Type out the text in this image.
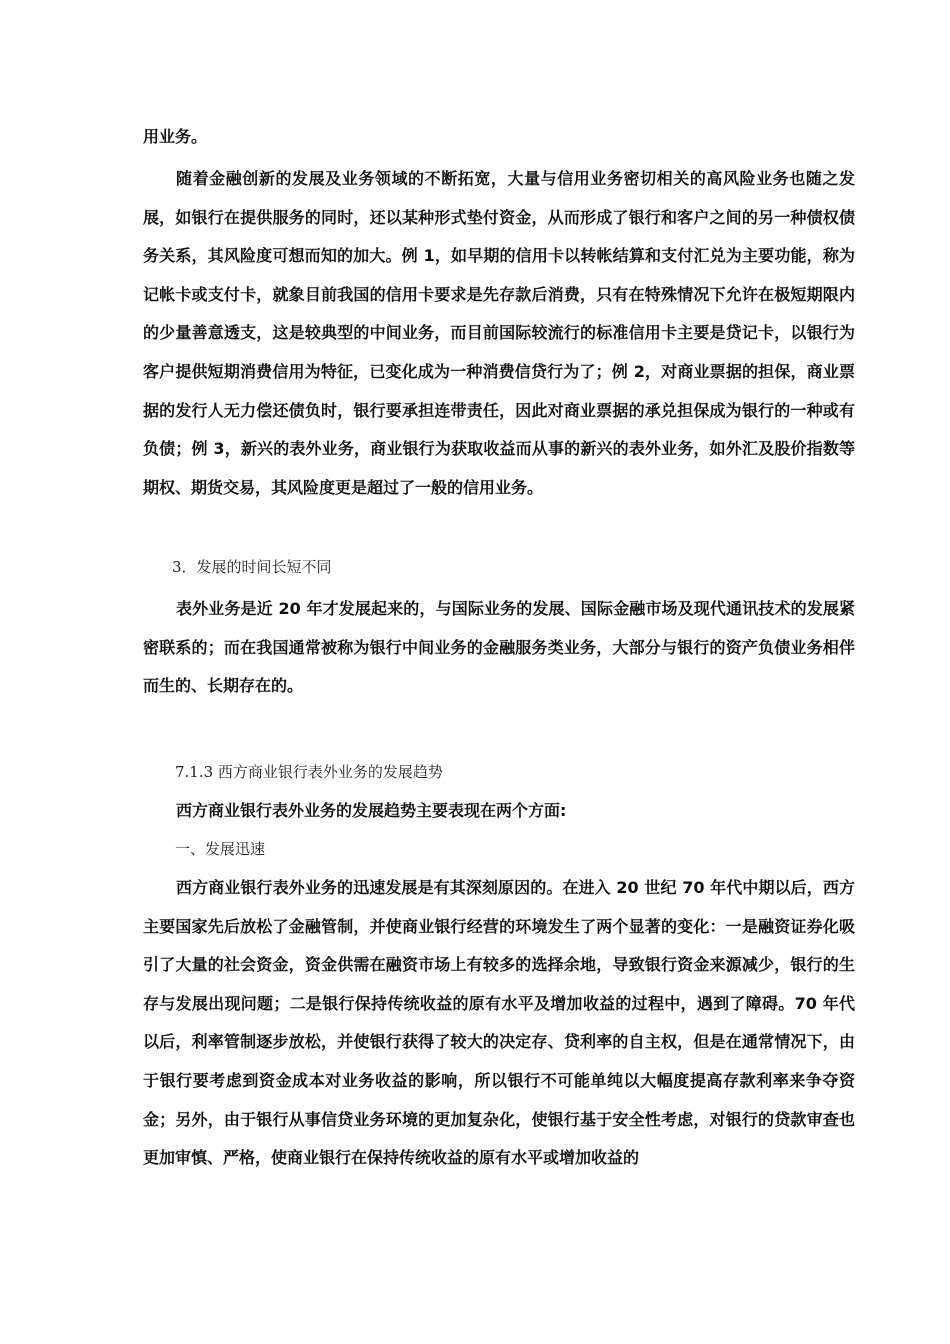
用业务。

随着金融创新的发展及业务领域的不断拓宽，大量与信用业务密切相关的高风险业务也随之发展，如银行在提供服务的同时，还以某种形式垫付资金，从而形成了银行和客户之间的另一种债权债务关系，其风险度可想而知的加大。例 1，如早期的信用卡以转帐结算和支付汇兑为主要功能，称为记帐卡或支付卡，就象目前我国的信用卡要求是先存款后消费，只有在特殊情况下允许在极短期限内的少量善意透支，这是较典型的中间业务，而目前国际较流行的标准信用卡主要是贷记卡，以银行为客户提供短期消费信用为特征，已变化成为一种消费信贷行为了；例 2，对商业票据的担保，商业票据的发行人无力偿还债负时，银行要承担连带责任，因此对商业票据的承兑担保成为银行的一种或有负债；例 3，新兴的表外业务，商业银行为获取收益而从事的新兴的表外业务，如外汇及股价指数等期权、期货交易，其风险度更是超过了一般的信用业务。

3．发展的时间长短不同

表外业务是近 20 年才发展起来的，与国际业务的发展、国际金融市场及现代通讯技术的发展紧密联系的；而在我国通常被称为银行中间业务的金融服务类业务，大部分与银行的资产负债业务相伴而生的、长期存在的。

7.1.3 西方商业银行表外业务的发展趋势

西方商业银行表外业务的发展趋势主要表现在两个方面:

一、发展迅速

西方商业银行表外业务的迅速发展是有其深刻原因的。在进入 20 世纪 70 年代中期以后，西方主要国家先后放松了金融管制，并使商业银行经营的环境发生了两个显著的变化：一是融资证券化吸引了大量的社会资金，资金供需在融资市场上有较多的选择余地，导致银行资金来源减少，银行的生存与发展出现问题；二是银行保持传统收益的原有水平及增加收益的过程中，遇到了障碍。70 年代以后，利率管制逐步放松，并使银行获得了较大的决定存、贷利率的自主权，但是在通常情况下，由于银行要考虑到资金成本对业务收益的影响，所以银行不可能单纯以大幅度提高存款利率来争夺资金；另外，由于银行从事信贷业务环境的更加复杂化，使银行基于安全性考虑，对银行的贷款审查也更加审慎、严格，使商业银行在保持传统收益的原有水平或增加收益的
